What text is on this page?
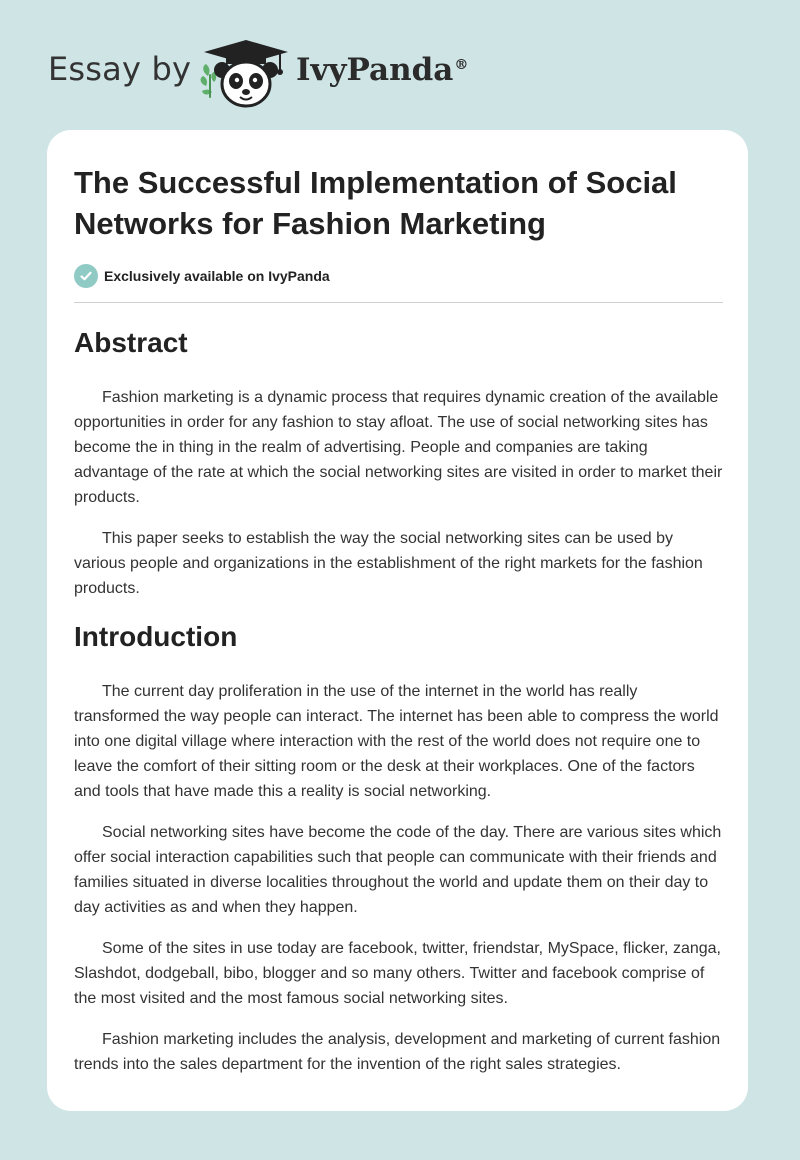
Essay by	IvyPanda®
The Successful Implementation of Social Networks for Fashion Marketing
Exclusively available on IvyPanda
Abstract

Fashion marketing is a dynamic process that requires dynamic creation of the available opportunities in order for any fashion to stay afloat. The use of social networking sites has become the in thing in the realm of advertising. People and companies are taking advantage of the rate at which the social networking sites are visited in order to market their products.

This paper seeks to establish the way the social networking sites can be used by various people and organizations in the establishment of the right markets for the fashion products.

Introduction

The current day proliferation in the use of the internet in the world has really transformed the way people can interact. The internet has been able to compress the world into one digital village where interaction with the rest of the world does not require one to leave the comfort of their sitting room or the desk at their workplaces. One of the factors and tools that have made this a reality is social networking.

Social networking sites have become the code of the day. There are various sites which offer social interaction capabilities such that people can communicate with their friends and families situated in diverse localities throughout the world and update them on their day to day activities as and when they happen.

Some of the sites in use today are facebook, twitter, friendstar, MySpace, flicker, zanga, Slashdot, dodgeball, bibo, blogger and so many others. Twitter and facebook comprise of the most visited and the most famous social networking sites.

Fashion marketing includes the analysis, development and marketing of current fashion trends into the sales department for the invention of the right sales strategies.
